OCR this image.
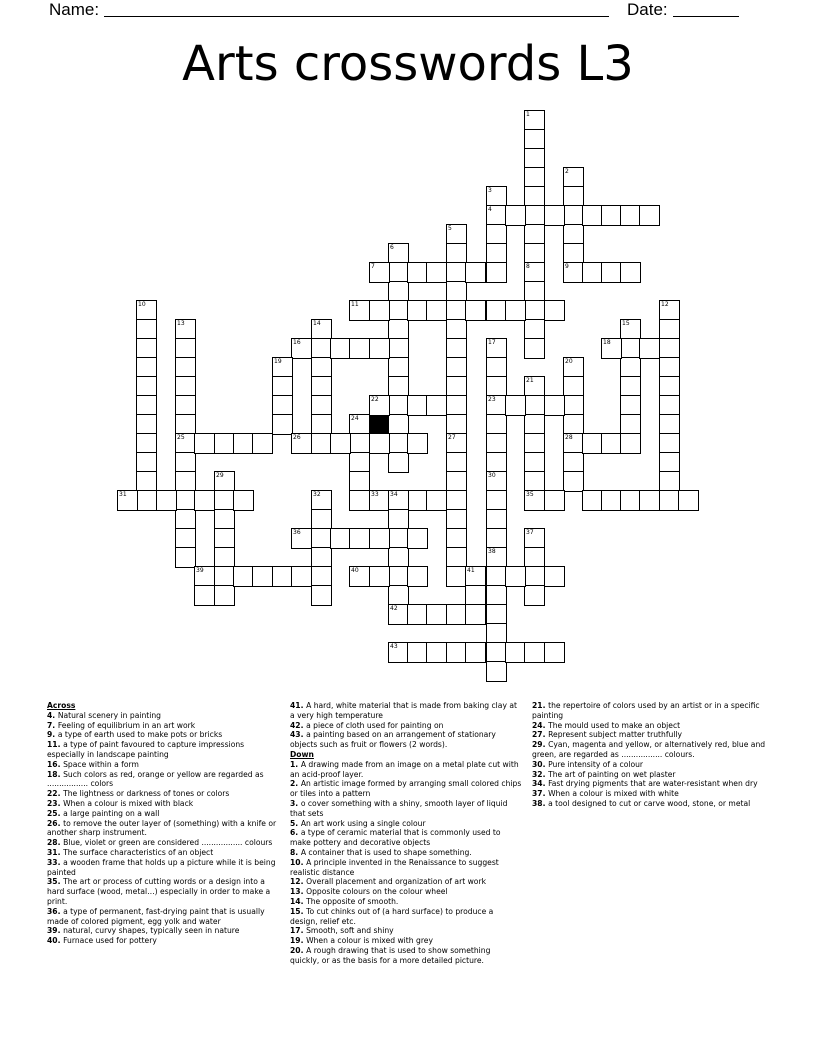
Name:	Date:
Arts crosswords L3
1
2
3
4
5
6
7	8	9
10	11	12
13	14	15
16	17	18
19	20
21
22	23
24
25	26	27	28
29	30
31	32	33 34	35
36	37
38
39	40	41
42
43
Across

4. Natural scenery in painting

7. Feeling of equilibrium in an art work

9. a type of earth used to make pots or bricks

11. a type of paint favoured to capture impressions especially in landscape painting

16. Space within a form

18. Such colors as red, orange or yellow are regarded as ................. colors

22. The lightness or darkness of tones or colors

23. When a colour is mixed with black

25. a large painting on a wall

26. to remove the outer layer of (something) with a knife or another sharp instrument.

28. Blue, violet or green are considered ................. colours

31. The surface characteristics of an object

33. a wooden frame that holds up a picture while it is being painted

35. The art or process of cutting words or a design into a hard surface (wood, metal…) especially in order to make a print.

36. a type of permanent, fast-drying paint that is usually made of colored pigment, egg yolk and water

39. natural, curvy shapes, typically seen in nature

40. Furnace used for pottery

41. A hard, white material that is made from baking clay at a very high temperature

42. a piece of cloth used for painting on

43. a painting based on an arrangement of stationary objects such as fruit or flowers (2 words).

Down

1. A drawing made from an image on a metal plate cut with an acid-proof layer.

2. An artistic image formed by arranging small colored chips or tiles into a pattern

3. o cover something with a shiny, smooth layer of liquid that sets

5. An art work using a single colour

6. a type of ceramic material that is commonly used to make pottery and decorative objects

8. A container that is used to shape something.

10. A principle invented in the Renaissance to suggest realistic distance

12. Overall placement and organization of art work

13. Opposite colours on the colour wheel

14. The opposite of smooth.

15. To cut chinks out of (a hard surface) to produce a design, relief etc.

17. Smooth, soft and shiny

19. When a colour is mixed with grey

20. A rough drawing that is used to show something quickly, or as the basis for a more detailed picture.

21. the repertoire of colors used by an artist or in a specific painting

24. The mould used to make an object

27. Represent subject matter truthfully

29. Cyan, magenta and yellow, or alternatively red, blue and green, are regarded as ................. colours.

30. Pure intensity of a colour

32. The art of painting on wet plaster

34. Fast drying pigments that are water-resistant when dry

37. When a colour is mixed with white

38. a tool designed to cut or carve wood, stone, or metal
